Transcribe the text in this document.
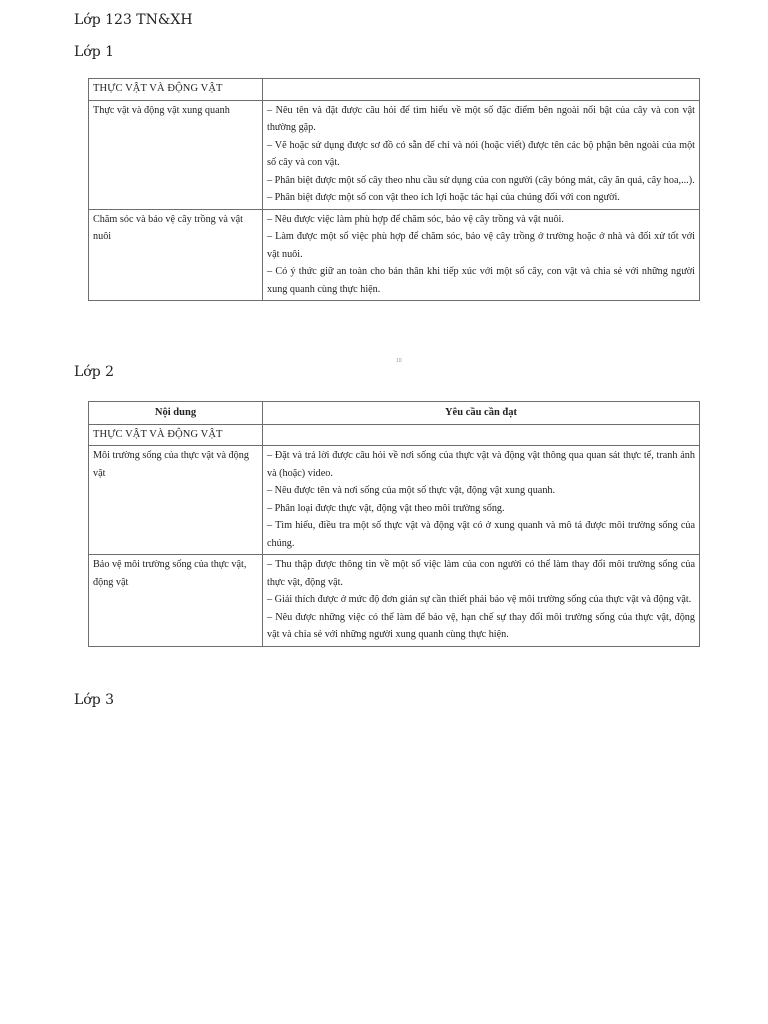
Lớp 123 TN&XH
Lớp 1
THỰC VẬT VÀ ĐỘNG VẬT	
Thực vật và động vật xung quanh	– Nêu tên và đặt được câu hỏi để tìm hiểu về một số đặc điểm bên ngoài nổi bật của cây và con vật thường gặp.
– Vẽ hoặc sử dụng được sơ đồ có sẵn để chỉ và nói (hoặc viết) được tên các bộ phận bên ngoài của một số cây và con vật.
– Phân biệt được một số cây theo nhu cầu sử dụng của con người (cây bóng mát, cây ăn quả, cây hoa,...).
– Phân biệt được một số con vật theo ích lợi hoặc tác hại của chúng đối với con người.

Chăm sóc và bảo vệ cây trồng và vật nuôi	– Nêu được việc làm phù hợp để chăm sóc, bảo vệ cây trồng và vật nuôi.
– Làm được một số việc phù hợp để chăm sóc, bảo vệ cây trồng ở trường hoặc ở nhà và đối xử tốt với vật nuôi.
– Có ý thức giữ an toàn cho bản thân khi tiếp xúc với một số cây, con vật và chia sẻ với những người xung quanh cùng thực hiện.
10
Lớp 2
Nội dung	Yêu cầu cần đạt
THỰC VẬT VÀ ĐỘNG VẬT	
Môi trường sống của thực vật và động vật	– Đặt và trả lời được câu hỏi về nơi sống của thực vật và động vật thông qua quan sát thực tế, tranh ảnh và (hoặc) video.
– Nêu được tên và nơi sống của một số thực vật, động vật xung quanh.
– Phân loại được thực vật, động vật theo môi trường sống.
– Tìm hiểu, điều tra một số thực vật và động vật có ở xung quanh và mô tả được môi trường sống của chúng.

Bảo vệ môi trường sống của thực vật, động vật	– Thu thập được thông tin về một số việc làm của con người có thể làm thay đổi môi trường sống của thực vật, động vật.
– Giải thích được ở mức độ đơn giản sự cần thiết phải bảo vệ môi trường sống của thực vật và động vật.
– Nêu được những việc có thể làm để bảo vệ, hạn chế sự thay đổi môi trường sống của thực vật, động vật và chia sẻ với những người xung quanh cùng thực hiện.
Lớp 3
